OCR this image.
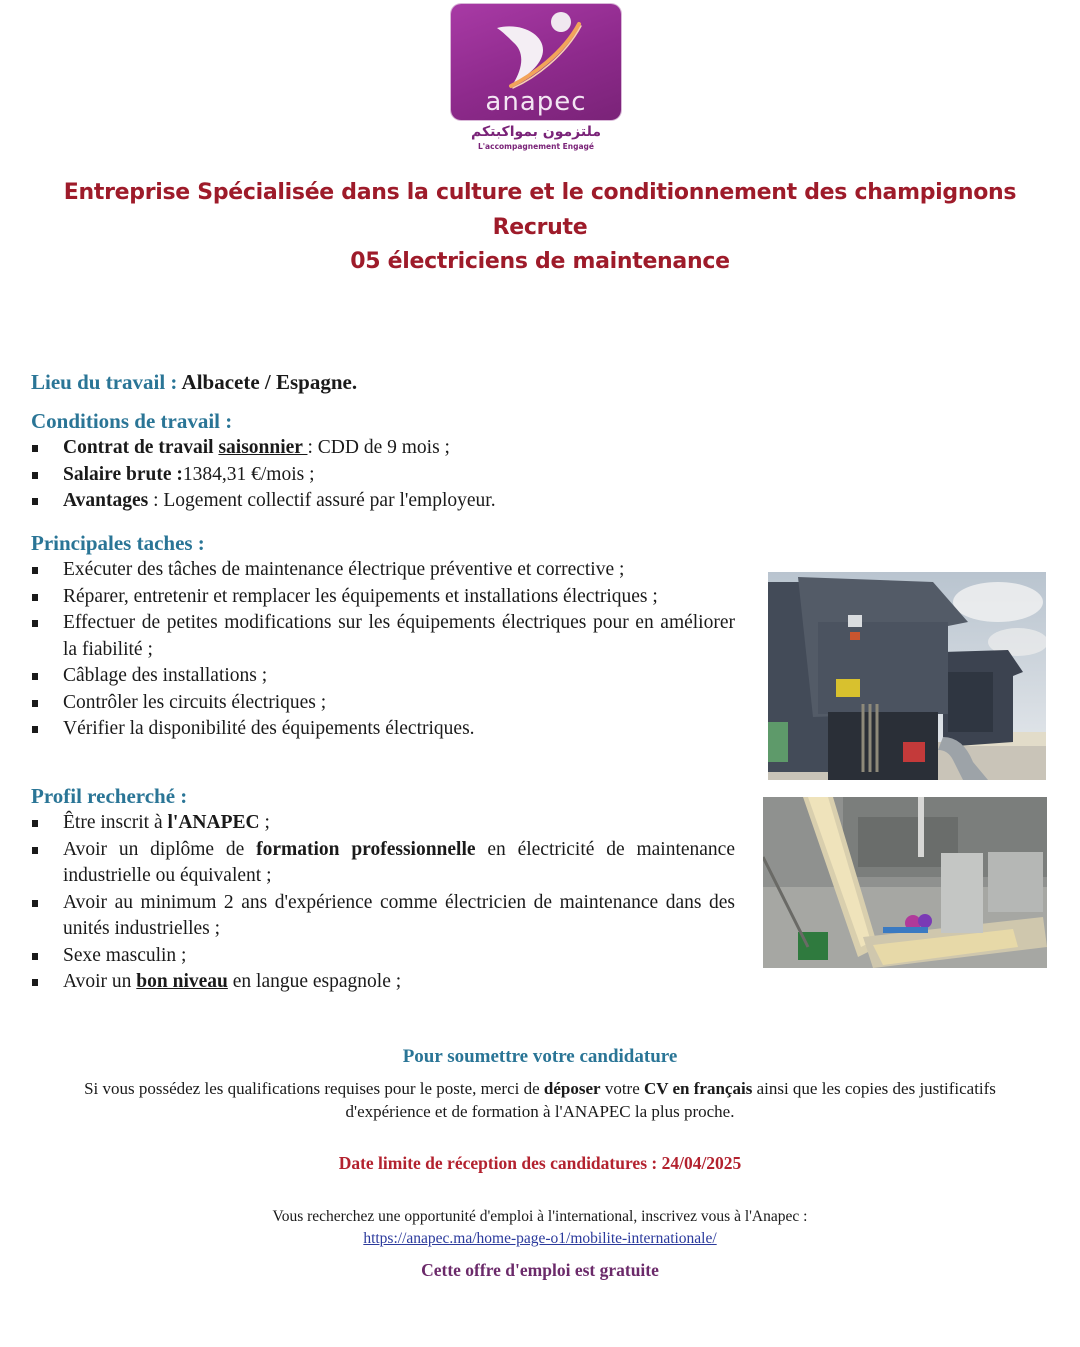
anapec
ملتزمون بمواكبتكم
L'accompagnement Engagé
Entreprise Spécialisée dans la culture et le conditionnement des champignons
Recrute
05 électriciens de maintenance
Lieu du travail : Albacete / Espagne.
Conditions de travail :
Contrat de travail saisonnier : CDD de 9 mois ;
Salaire brute :1384,31 €/mois ;
Avantages : Logement collectif assuré par l'employeur.
Principales taches :
Exécuter des tâches de maintenance électrique préventive et corrective ;
Réparer, entretenir et remplacer les équipements et installations électriques ;
Effectuer de petites modifications sur les équipements électriques pour en améliorer la fiabilité ;
Câblage des installations ;
Contrôler les circuits électriques ;
Vérifier la disponibilité des équipements électriques.
Profil recherché :
Être inscrit à l'ANAPEC ;
Avoir un diplôme de formation professionnelle en électricité de maintenance industrielle ou équivalent ;
Avoir au minimum 2 ans d'expérience comme électricien de maintenance dans des unités industrielles ;
Sexe masculin ;
Avoir un bon niveau en langue espagnole ;
Pour soumettre votre candidature
Si vous possédez les qualifications requises pour le poste, merci de déposer votre CV en français ainsi que les copies des justificatifs d'expérience et de formation à l'ANAPEC la plus proche.
Date limite de réception des candidatures : 24/04/2025
Vous recherchez une opportunité d'emploi à l'international, inscrivez vous à l'Anapec :
https://anapec.ma/home-page-o1/mobilite-internationale/
Cette offre d'emploi est gratuite
